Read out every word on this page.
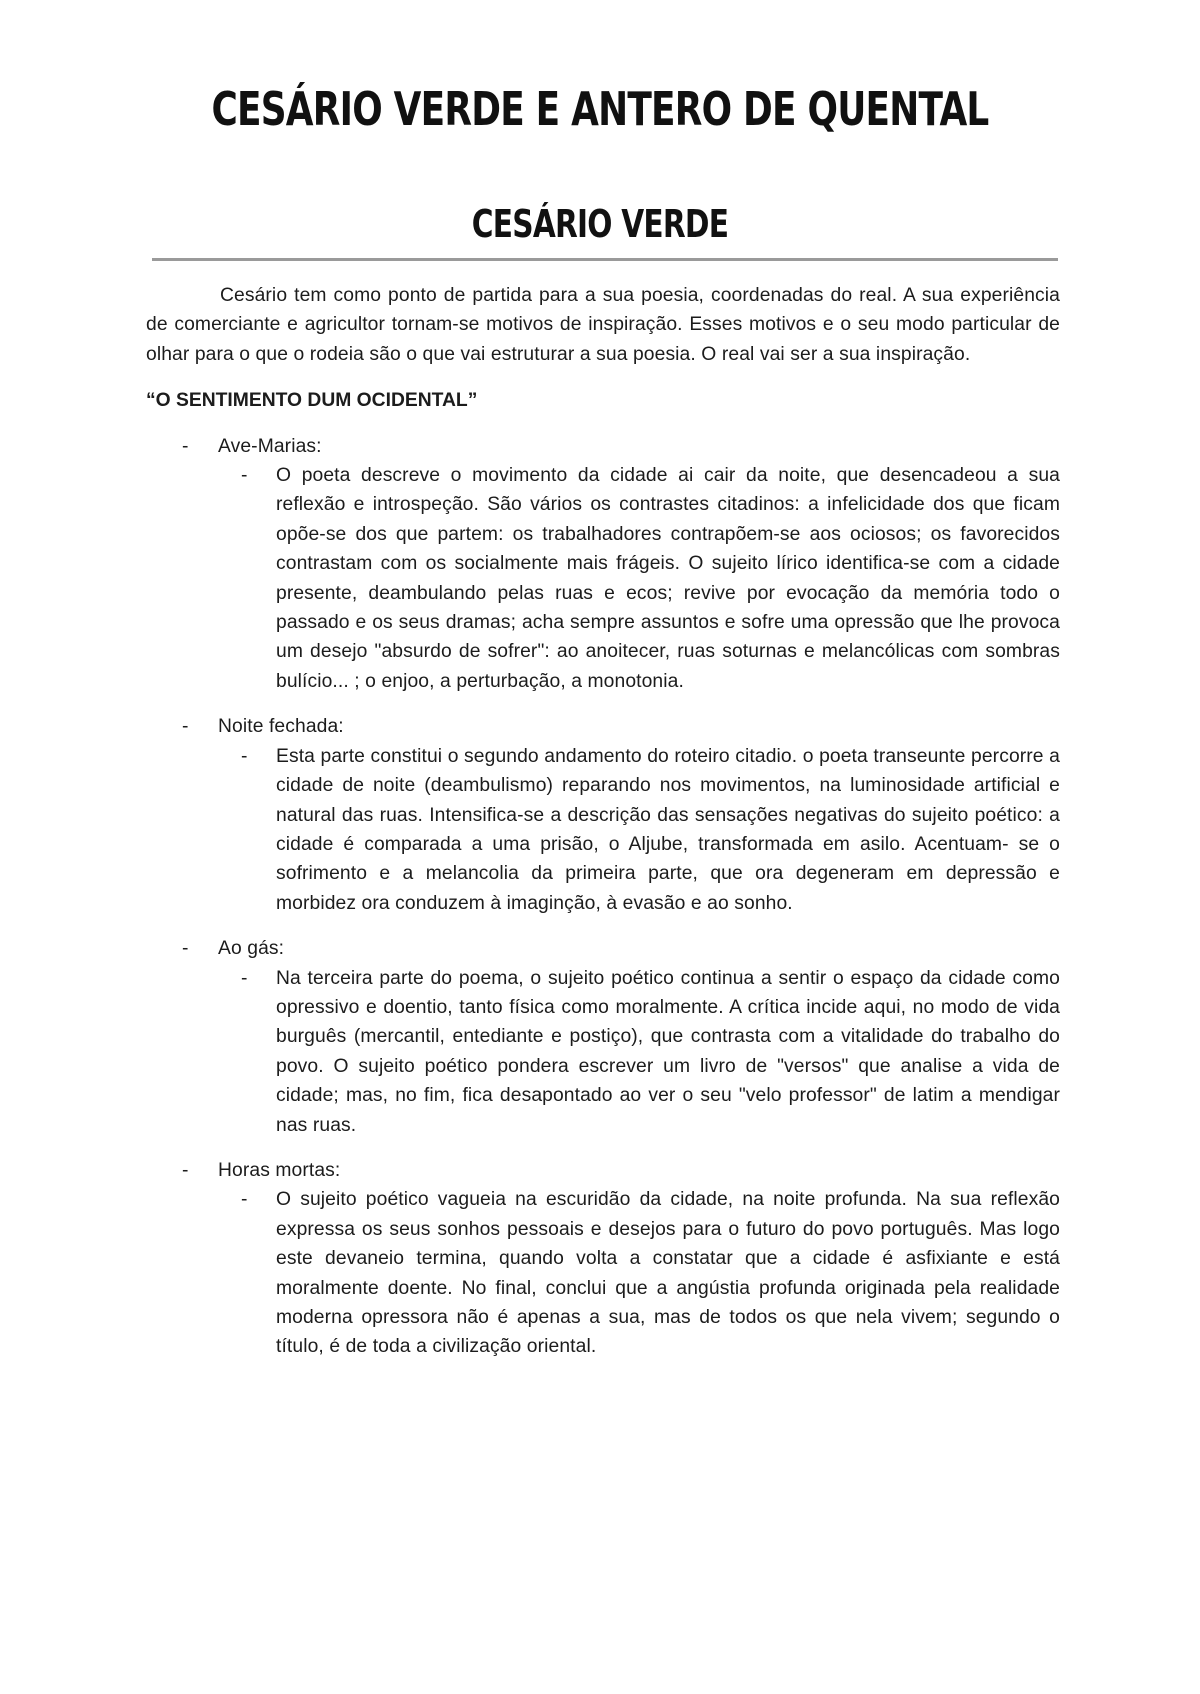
CESÁRIO VERDE E ANTERO DE QUENTAL
CESÁRIO VERDE

Cesário tem como ponto de partida para a sua poesia, coordenadas do real. A sua experiência de comerciante e agricultor tornam-se motivos de inspiração. Esses motivos e o seu modo particular de olhar para o que o rodeia são o que vai estruturar a sua poesia. O real vai ser a sua inspiração.

“O SENTIMENTO DUM OCIDENTAL”

- Ave-Marias:
- O poeta descreve o movimento da cidade ai cair da noite, que desencadeou a sua reflexão e introspeção. São vários os contrastes citadinos: a infelicidade dos que ficam opõe-se dos que partem: os trabalhadores contrapõem-se aos ociosos; os favorecidos contrastam com os socialmente mais frágeis. O sujeito lírico identifica-se com a cidade presente, deambulando pelas ruas e ecos; revive por evocação da memória todo o passado e os seus dramas; acha sempre assuntos e sofre uma opressão que lhe provoca um desejo "absurdo de sofrer": ao anoitecer, ruas soturnas e melancólicas com sombras bulício... ; o enjoo, a perturbação, a monotonia.
- Noite fechada:
- Esta parte constitui o segundo andamento do roteiro citadio. o poeta transeunte percorre a cidade de noite (deambulismo) reparando nos movimentos, na luminosidade artificial e natural das ruas. Intensifica-se a descrição das sensações negativas do sujeito poético: a cidade é comparada a uma prisão, o Aljube, transformada em asilo. Acentuam- se o sofrimento e a melancolia da primeira parte, que ora degeneram em depressão e morbidez ora conduzem à imaginção, à evasão e ao sonho.
- Ao gás:
- Na terceira parte do poema, o sujeito poético continua a sentir o espaço da cidade como opressivo e doentio, tanto física como moralmente. A crítica incide aqui, no modo de vida burguês (mercantil, entediante e postiço), que contrasta com a vitalidade do trabalho do povo. O sujeito poético pondera escrever um livro de "versos" que analise a vida de cidade; mas, no fim, fica desapontado ao ver o seu "velo professor" de latim a mendigar nas ruas.
- Horas mortas:
- O sujeito poético vagueia na escuridão da cidade, na noite profunda. Na sua reflexão expressa os seus sonhos pessoais e desejos para o futuro do povo português. Mas logo este devaneio termina, quando volta a constatar que a cidade é asfixiante e está moralmente doente. No final, conclui que a angústia profunda originada pela realidade moderna opressora não é apenas a sua, mas de todos os que nela vivem; segundo o título, é de toda a civilização oriental.
